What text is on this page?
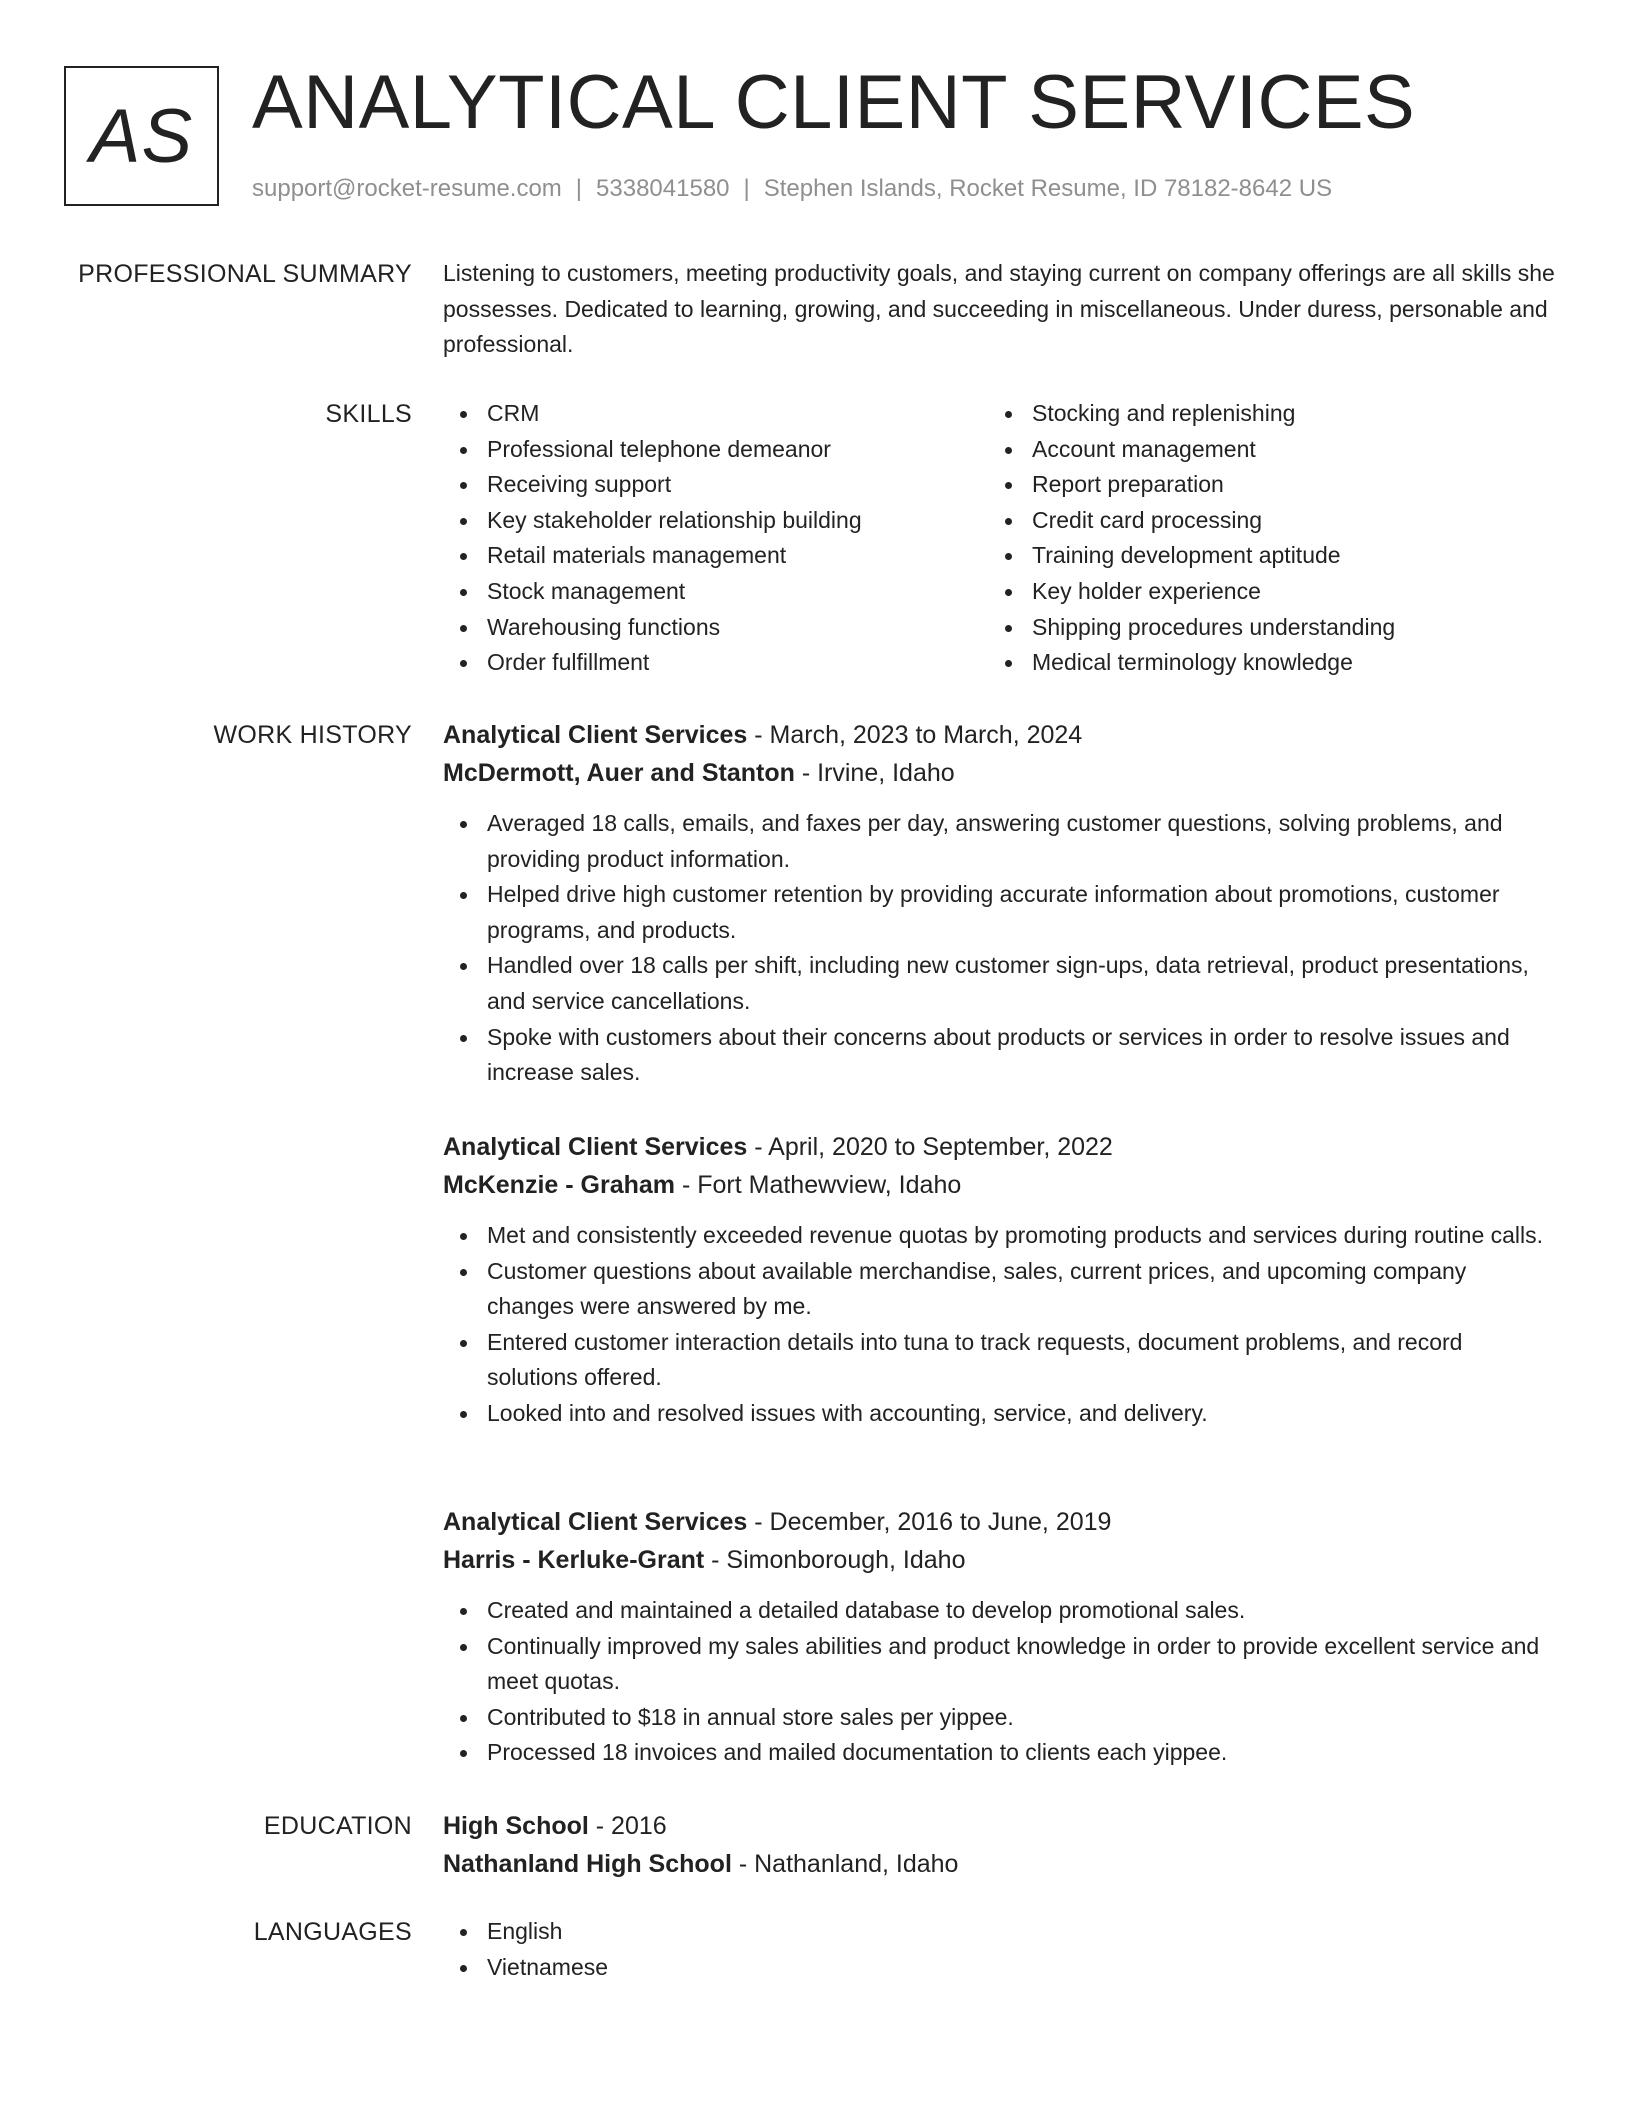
AS ANALYTICAL CLIENT SERVICES
support@rocket-resume.com | 5338041580 | Stephen Islands, Rocket Resume, ID 78182-8642 US
PROFESSIONAL SUMMARY Listening to customers, meeting productivity goals, and staying current on company offerings are all skills she possesses. Dedicated to learning, growing, and succeeding in miscellaneous. Under duress, personable and professional.

SKILLS	CRM
Professional telephone demeanor
Receiving support
Key stakeholder relationship building
Retail materials management
Stock management
Warehousing functions
Order fulfillment
Stocking and replenishing
Account management
Report preparation
Credit card processing
Training development aptitude
Key holder experience
Shipping procedures understanding
Medical terminology knowledge
WORK HISTORY Analytical Client Services - March, 2023 to March, 2024
McDermott, Auer and Stanton - Irvine, Idaho
Averaged 18 calls, emails, and faxes per day, answering customer questions, solving problems, and providing product information.
Helped drive high customer retention by providing accurate information about promotions, customer programs, and products.
Handled over 18 calls per shift, including new customer sign-ups, data retrieval, product presentations, and service cancellations.
Spoke with customers about their concerns about products or services in order to resolve issues and increase sales.
Analytical Client Services - April, 2020 to September, 2022
McKenzie - Graham - Fort Mathewview, Idaho
Met and consistently exceeded revenue quotas by promoting products and services during routine calls.
Customer questions about available merchandise, sales, current prices, and upcoming company changes were answered by me.
Entered customer interaction details into tuna to track requests, document problems, and record solutions offered.
Looked into and resolved issues with accounting, service, and delivery.
Analytical Client Services - December, 2016 to June, 2019
Harris - Kerluke-Grant - Simonborough, Idaho
Created and maintained a detailed database to develop promotional sales.
Continually improved my sales abilities and product knowledge in order to provide excellent service and meet quotas.
Contributed to $18 in annual store sales per yippee.
Processed 18 invoices and mailed documentation to clients each yippee.
EDUCATION High School - 2016
Nathanland High School - Nathanland, Idaho
LANGUAGES	English
Vietnamese
